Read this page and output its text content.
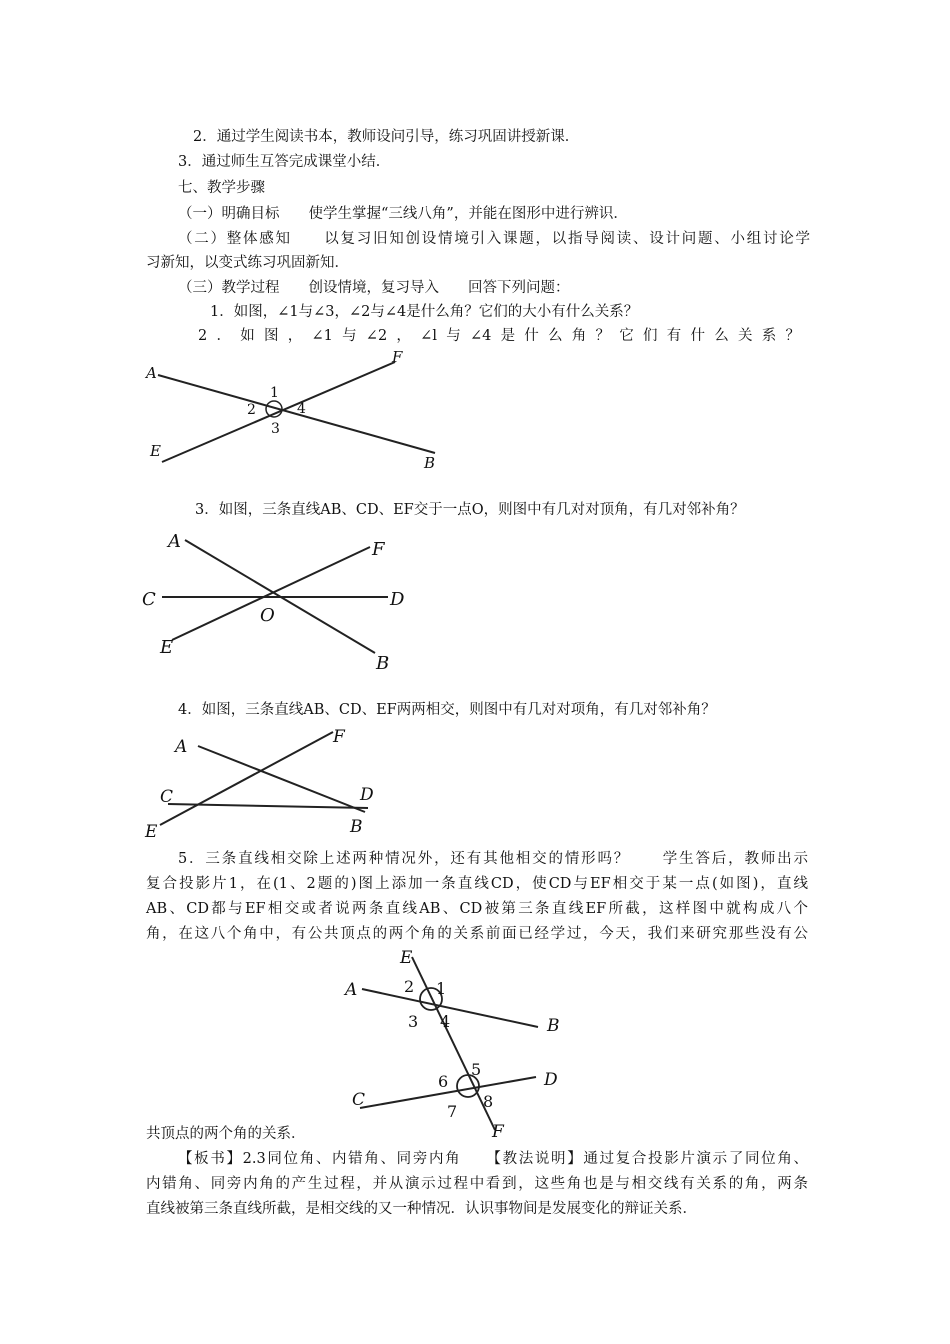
2．通过学生阅读书本，教师设问引导，练习巩固讲授新课．
3．通过师生互答完成课堂小结．
七、教学步骤
（一）明确目标　　使学生掌握“三线八角”，并能在图形中进行辨识．
（二）整体感知　　以复习旧知创设情境引入课题，以指导阅读、设计问题、小组讨论学
习新知，以变式练习巩固新知．
（三）教学过程　　创设情境，复习导入　　回答下列问题：
1．如图，∠1与∠3，∠2与∠4是什么角？它们的大小有什么关系？
2．如图，∠1与∠2，∠l与∠4是什么角？它们有什么关系？
A
F
E
B
1
2
3
4
3．如图，三条直线AB、CD、EF交于一点O，则图中有几对对顶角，有几对邻补角？
A	F
C	D
O
E
B
4．如图，三条直线AB、CD、EF两两相交，则图中有几对对项角，有几对邻补角？
A	F
C	D
E	B
5．三条直线相交除上述两种情况外，还有其他相交的情形吗？　　学生答后，教师出示
复合投影片1，在(1、2题的)图上添加一条直线CD，使CD与EF相交于某一点(如图)，直线
AB、CD都与EF相交或者说两条直线AB、CD被第三条直线EF所截，这样图中就构成八个
角，在这八个角中，有公共顶点的两个角的关系前面已经学过，今天，我们来研究那些没有公
E
A
B
C
D
F
1
2
3 4
5
6
7
8
共顶点的两个角的关系．
【板书】2.3同位角、内错角、同旁内角　　【教法说明】通过复合投影片演示了同位角、
内错角、同旁内角的产生过程，并从演示过程中看到，这些角也是与相交线有关系的角，两条
直线被第三条直线所截，是相交线的又一种情况．认识事物间是发展变化的辩证关系．
